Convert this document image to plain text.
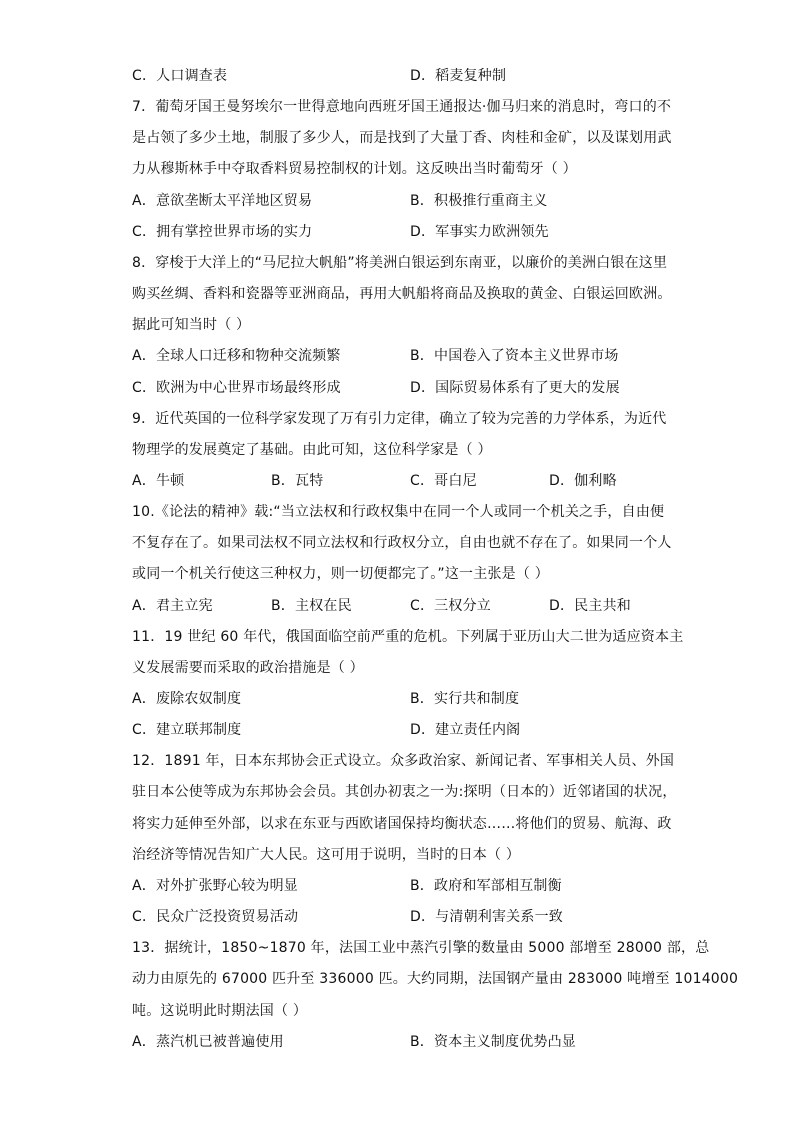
C．人口调查表	D．稻麦复种制
7．葡萄牙国王曼努埃尔一世得意地向西班牙国王通报达·伽马归来的消息时，弯口的不
是占领了多少土地，制服了多少人，而是找到了大量丁香、肉桂和金矿，以及谋划用武
力从穆斯林手中夺取香料贸易控制权的计划。这反映出当时葡萄牙（ ）
A．意欲垄断太平洋地区贸易	B．积极推行重商主义
C．拥有掌控世界市场的实力	D．军事实力欧洲领先
8．穿梭于大洋上的“马尼拉大帆船”将美洲白银运到东南亚，以廉价的美洲白银在这里
购买丝绸、香料和瓷器等亚洲商品，再用大帆船将商品及换取的黄金、白银运回欧洲。
据此可知当时（ ）
A．全球人口迁移和物种交流频繁	B．中国卷入了资本主义世界市场
C．欧洲为中心世界市场最终形成	D．国际贸易体系有了更大的发展
9．近代英国的一位科学家发现了万有引力定律，确立了较为完善的力学体系，为近代
物理学的发展奠定了基础。由此可知，这位科学家是（ ）
A．牛顿	B．瓦特	C．哥白尼	D．伽利略
10.《论法的精神》载:“当立法权和行政权集中在同一个人或同一个机关之手，自由便
不复存在了。如果司法权不同立法权和行政权分立，自由也就不存在了。如果同一个人
或同一个机关行使这三种权力，则一切便都完了。”这一主张是（ ）
A．君主立宪	B．主权在民	C．三权分立	D．民主共和
11．19 世纪 60 年代，俄国面临空前严重的危机。下列属于亚历山大二世为适应资本主
义发展需要而采取的政治措施是（ ）
A．废除农奴制度	B．实行共和制度
C．建立联邦制度	D．建立责任内阁
12．1891 年，日本东邦协会正式设立。众多政治家、新闻记者、军事相关人员、外国
驻日本公使等成为东邦协会会员。其创办初衷之一为:探明（日本的）近邻诸国的状况，
将实力延伸至外部，以求在东亚与西欧诸国保持均衡状态……将他们的贸易、航海、政
治经济等情况告知广大人民。这可用于说明，当时的日本（ ）
A．对外扩张野心较为明显	B．政府和军部相互制衡
C．民众广泛投资贸易活动	D．与清朝利害关系一致
13．据统计，1850~1870 年，法国工业中蒸汽引擎的数量由 5000 部增至 28000 部，总
动力由原先的 67000 匹升至 336000 匹。大约同期，法国钢产量由 283000 吨增至 1014000
吨。这说明此时期法国（ ）
A．蒸汽机已被普遍使用	B．资本主义制度优势凸显
